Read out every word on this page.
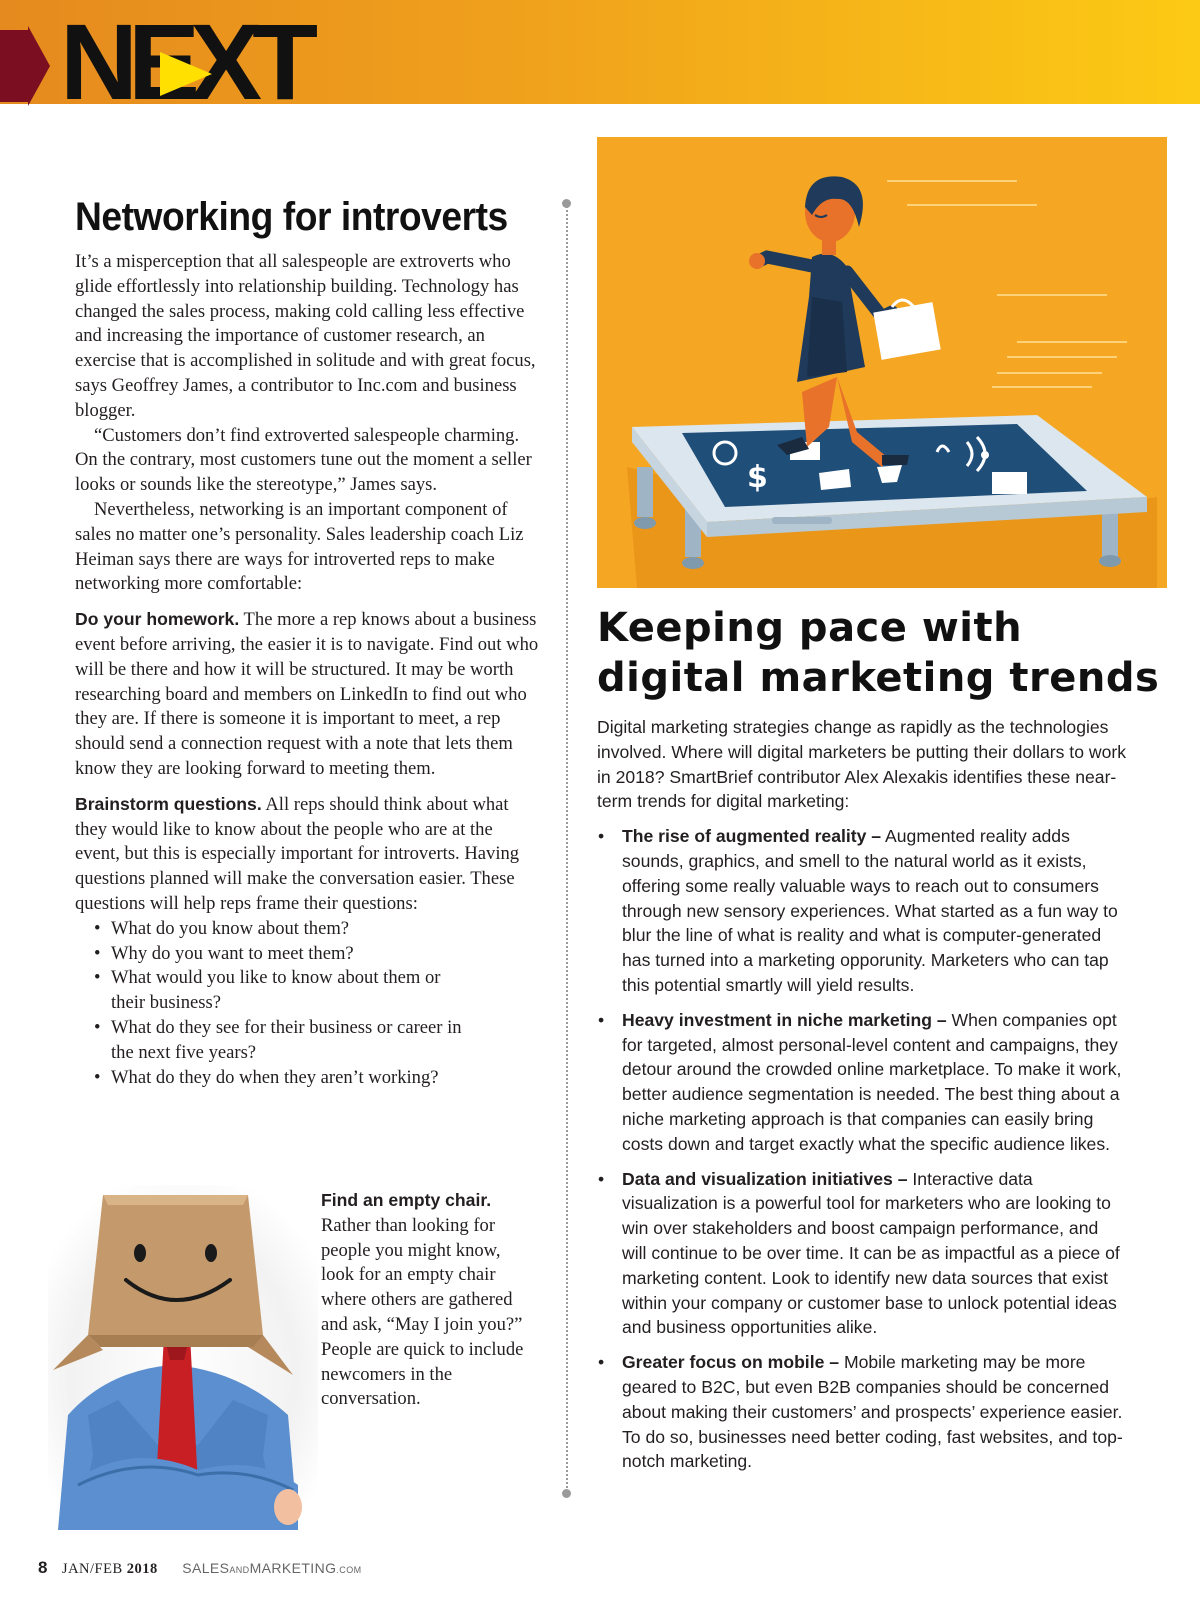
NEXT
Networking for introverts

It’s a misperception that all salespeople are extroverts who glide effortlessly into relationship building. Technology has changed the sales process, making cold calling less effective and increasing the importance of customer research, an exercise that is accomplished in solitude and with great focus, says Geoffrey James, a contributor to Inc.com and business blogger.

“Customers don’t find extroverted salespeople charming. On the contrary, most customers tune out the moment a seller looks or sounds like the stereotype,” James says.

Nevertheless, networking is an important component of sales no matter one’s personality. Sales leadership coach Liz Heiman says there are ways for introverted reps to make networking more comfortable:

Do your homework. The more a rep knows about a business event before arriving, the easier it is to navigate. Find out who will be there and how it will be structured. It may be worth researching board and members on LinkedIn to find out who they are. If there is someone it is important to meet, a rep should send a connection request with a note that lets them know they are looking forward to meeting them.

Brainstorm questions. All reps should think about what they would like to know about the people who are at the event, but this is especially important for introverts. Having questions planned will make the conversation easier. These questions will help reps frame their questions:

• What do you know about them?
• Why do you want to meet them?
• What would you like to know about them or their business?
• What do they see for their business or career in the next five years?
• What do they do when they aren’t working?
Find an empty chair. Rather than looking for people you might know, look for an empty chair where others are gathered and ask, “May I join you?” People are quick to include newcomers in the conversation.
$
Keeping pace with
digital marketing trends

Digital marketing strategies change as rapidly as the technologies involved. Where will digital marketers be putting their dollars to work in 2018? SmartBrief contributor Alex Alexakis identifies these near-term trends for digital marketing:

• The rise of augmented reality – Augmented reality adds sounds, graphics, and smell to the natural world as it exists, offering some really valuable ways to reach out to consumers through new sensory experiences. What started as a fun way to blur the line of what is reality and what is computer-generated has turned into a marketing opporunity. Marketers who can tap this potential smartly will yield results.
• Heavy investment in niche marketing – When companies opt for targeted, almost personal-level content and campaigns, they detour around the crowded online marketplace. To make it work, better audience segmentation is needed. The best thing about a niche marketing approach is that companies can easily bring costs down and target exactly what the specific audience likes.
• Data and visualization initiatives – Interactive data visualization is a powerful tool for marketers who are looking to win over stakeholders and boost campaign performance, and will continue to be over time. It can be as impactful as a piece of marketing content. Look to identify new data sources that exist within your company or customer base to unlock potential ideas and business opportunities alike.
• Greater focus on mobile – Mobile marketing may be more geared to B2C, but even B2B companies should be concerned about making their customers’ and prospects’ experience easier. To do so, businesses need better coding, fast websites, and top-notch marketing.
8 JAN/FEB 2018 SALESANDMARKETING.COM
